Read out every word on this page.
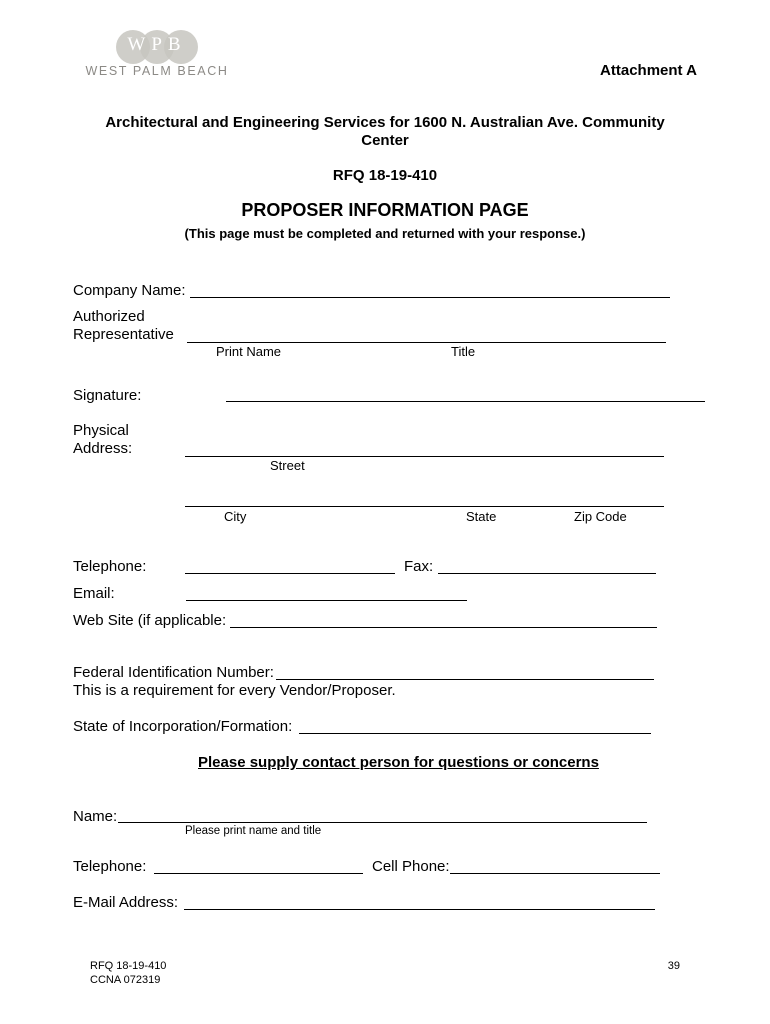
WPB
WEST PALM BEACH	Attachment A
Architectural and Engineering Services for 1600 N. Australian Ave. Community
Center
RFQ 18-19-410
PROPOSER INFORMATION PAGE
(This page must be completed and returned with your response.)
Company Name:
Authorized
Representative
Print Name	Title
Signature:
Physical
Address:
Street
City	State	Zip Code
Telephone:	Fax:
Email:
Web Site (if applicable:
Federal Identification Number:
This is a requirement for every Vendor/Proposer.
State of Incorporation/Formation:
Please supply contact person for questions or concerns
Name:
Please print name and title
Telephone:	Cell Phone:
E-Mail Address:
RFQ 18-19-410
CCNA 072319
39
